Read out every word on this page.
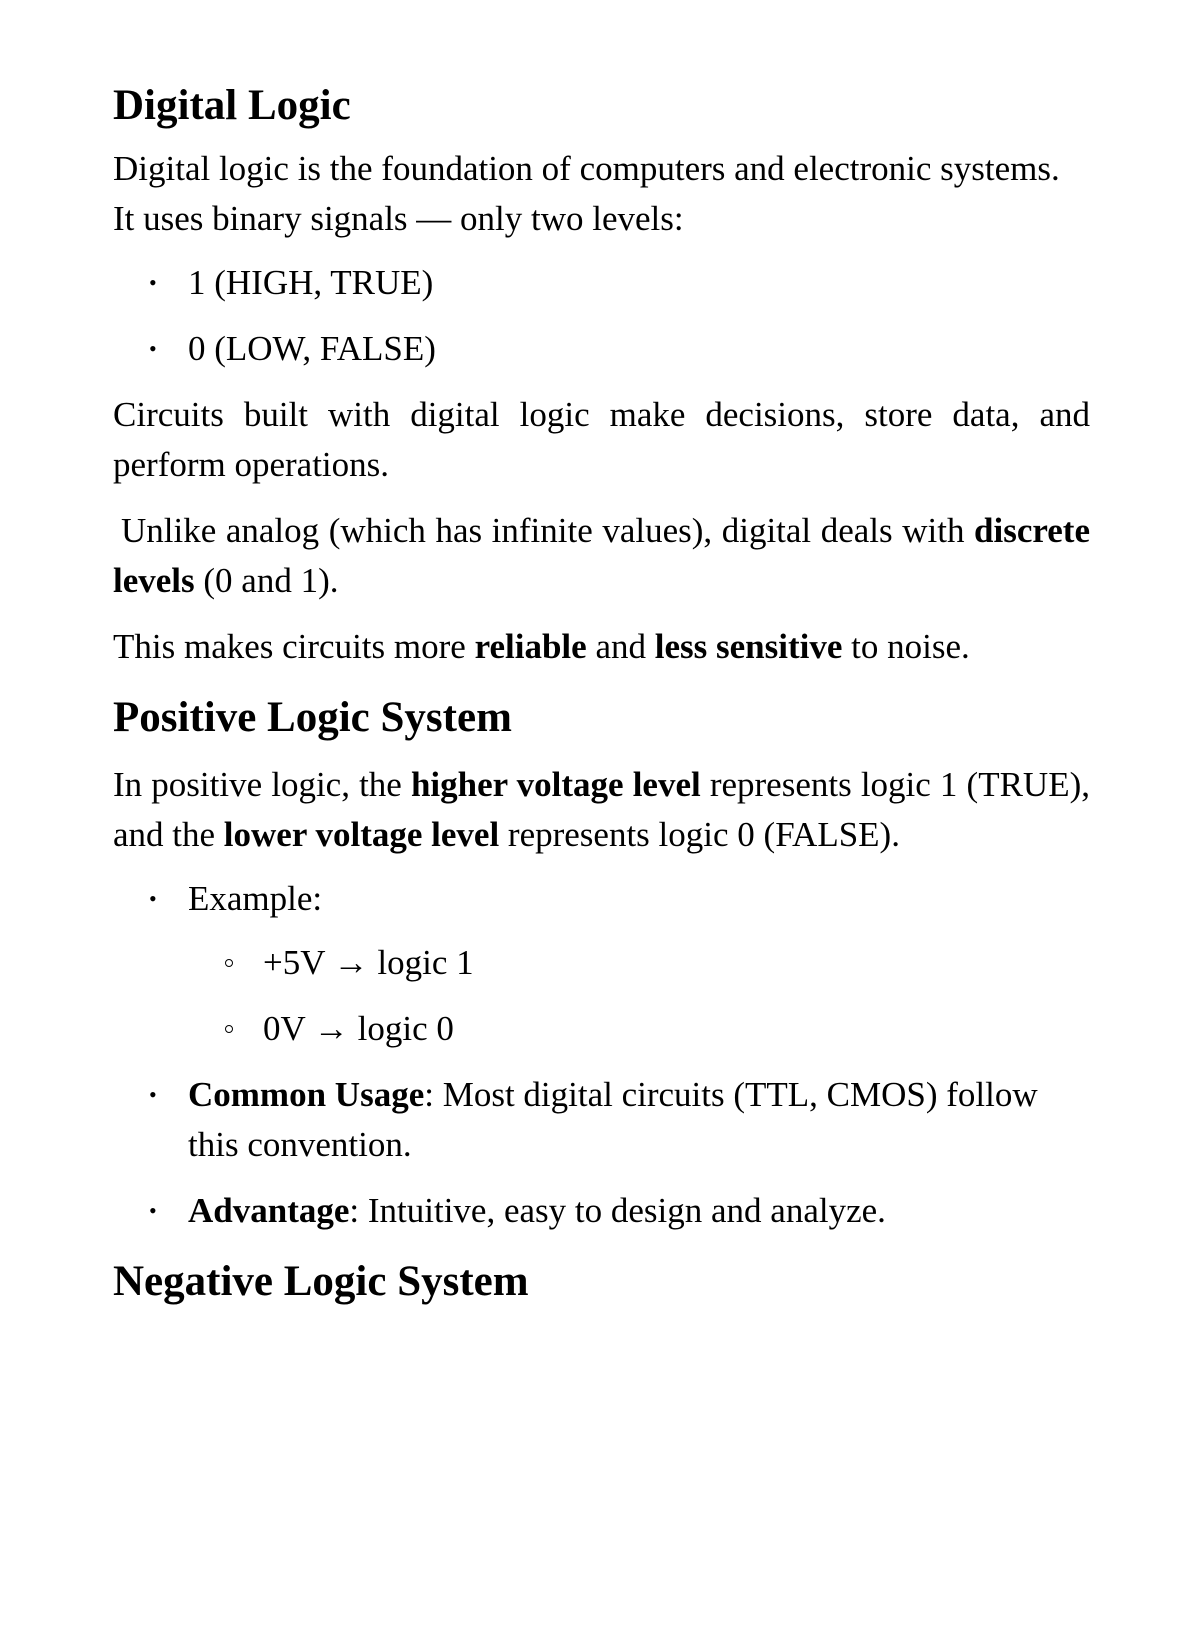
Digital Logic

Digital logic is the foundation of computers and electronic systems.
It uses binary signals — only two levels:

• 1 (HIGH, TRUE)
• 0 (LOW, FALSE)

Circuits built with digital logic make decisions, store data, and perform operations.

Unlike analog (which has infinite values), digital deals with discrete levels (0 and 1).

This makes circuits more reliable and less sensitive to noise.

Positive Logic System

In positive logic, the higher voltage level represents logic 1 (TRUE), and the lower voltage level represents logic 0 (FALSE).

• Example:
+5V → logic 1
0V → logic 0
• Common Usage: Most digital circuits (TTL, CMOS) follow this convention.
• Advantage: Intuitive, easy to design and analyze.
Negative Logic System
